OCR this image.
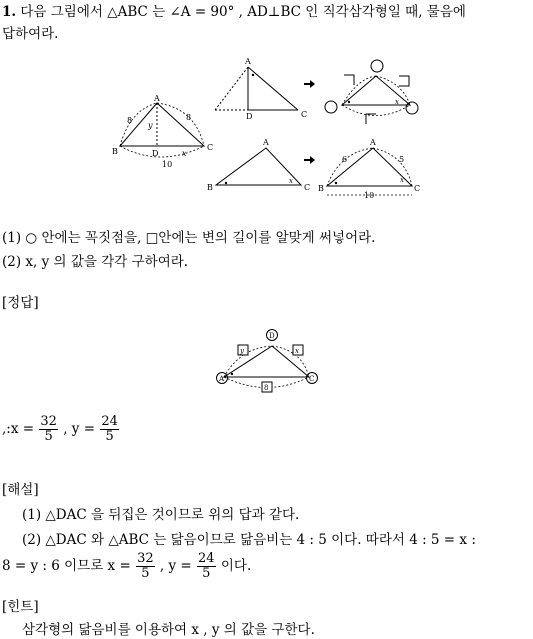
1. 다음 그림에서 △ABC 는 ∠A = 90° , AD⊥BC 인 직각삼각형일 때, 물음에
답하여라.
A
B	C
D
8	8
10
y
x
A
D	C
x
A
B	C
x
A
B	C
6	5
10
x
(1) ○ 안에는 꼭짓점을, □안에는 변의 길이를 알맞게 써넣어라.
(2) x, y 의 값을 각각 구하여라.
[정답]
D
A	C
y	x
8
,:x = $\frac{32}{5}$ , $y = \frac{24}{5}$
[해설]
(1) △DAC 을 뒤집은 것이므로 위의 답과 같다.
(2) △DAC 와 △ABC 는 닮음이므로 닮음비는 4 : 5 이다. 따라서 4 : 5 = x :
8 = y : 6 이므로 $x = \frac{32}{5}$ , $y = \frac{24}{5}$ 이다.
[힌트]
삼각형의 닮음비를 이용하여 x , y 의 값을 구한다.
